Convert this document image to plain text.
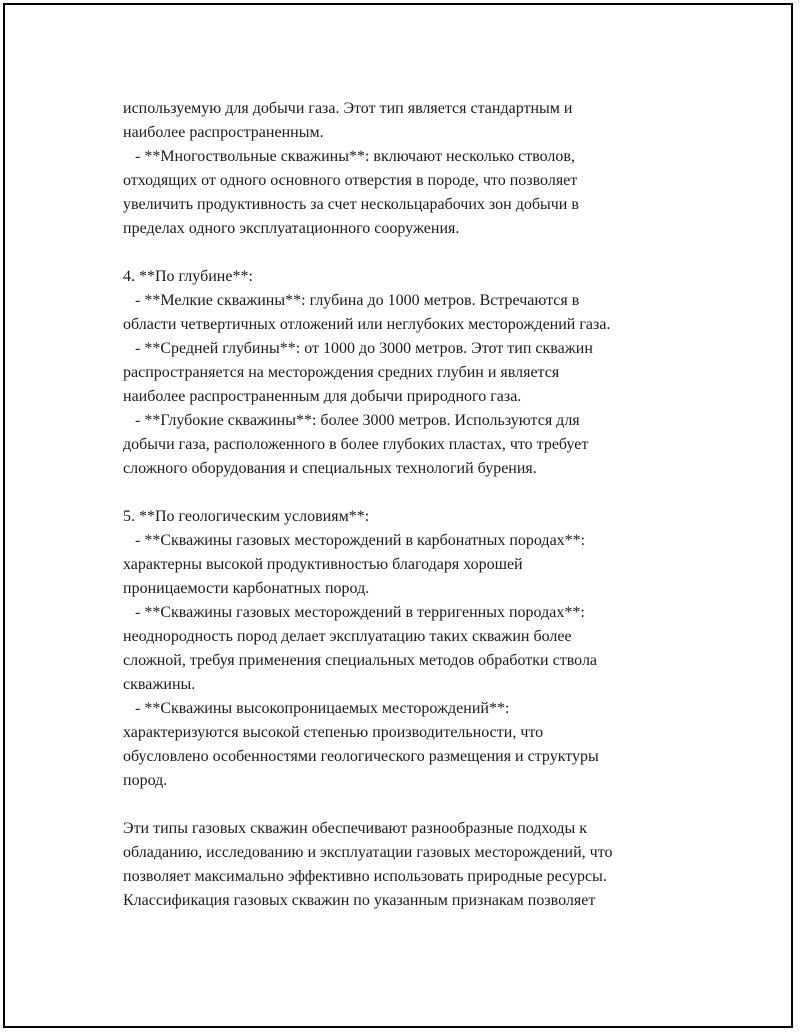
используемую для добычи газа. Этот тип является стандартным и
наиболее распространенным.
- **Многоствольные скважины**: включают несколько стволов,
отходящих от одного основного отверстия в породе, что позволяет
увеличить продуктивность за счет нескольцарабочих зон добычи в
пределах одного эксплуатационного сооружения.
4. **По глубине**:
- **Мелкие скважины**: глубина до 1000 метров. Встречаются в
области четвертичных отложений или неглубоких месторождений газа.
- **Средней глубины**: от 1000 до 3000 метров. Этот тип скважин
распространяется на месторождения средних глубин и является
наиболее распространенным для добычи природного газа.
- **Глубокие скважины**: более 3000 метров. Используются для
добычи газа, расположенного в более глубоких пластах, что требует
сложного оборудования и специальных технологий бурения.
5. **По геологическим условиям**:
- **Скважины газовых месторождений в карбонатных породах**:
характерны высокой продуктивностью благодаря хорошей
проницаемости карбонатных пород.
- **Скважины газовых месторождений в терригенных породах**:
неоднородность пород делает эксплуатацию таких скважин более
сложной, требуя применения специальных методов обработки ствола
скважины.
- **Скважины высокопроницаемых месторождений**:
характеризуются высокой степенью производительности, что
обусловлено особенностями геологического размещения и структуры
пород.
Эти типы газовых скважин обеспечивают разнообразные подходы к
обладанию, исследованию и эксплуатации газовых месторождений, что
позволяет максимально эффективно использовать природные ресурсы.
Классификация газовых скважин по указанным признакам позволяет
